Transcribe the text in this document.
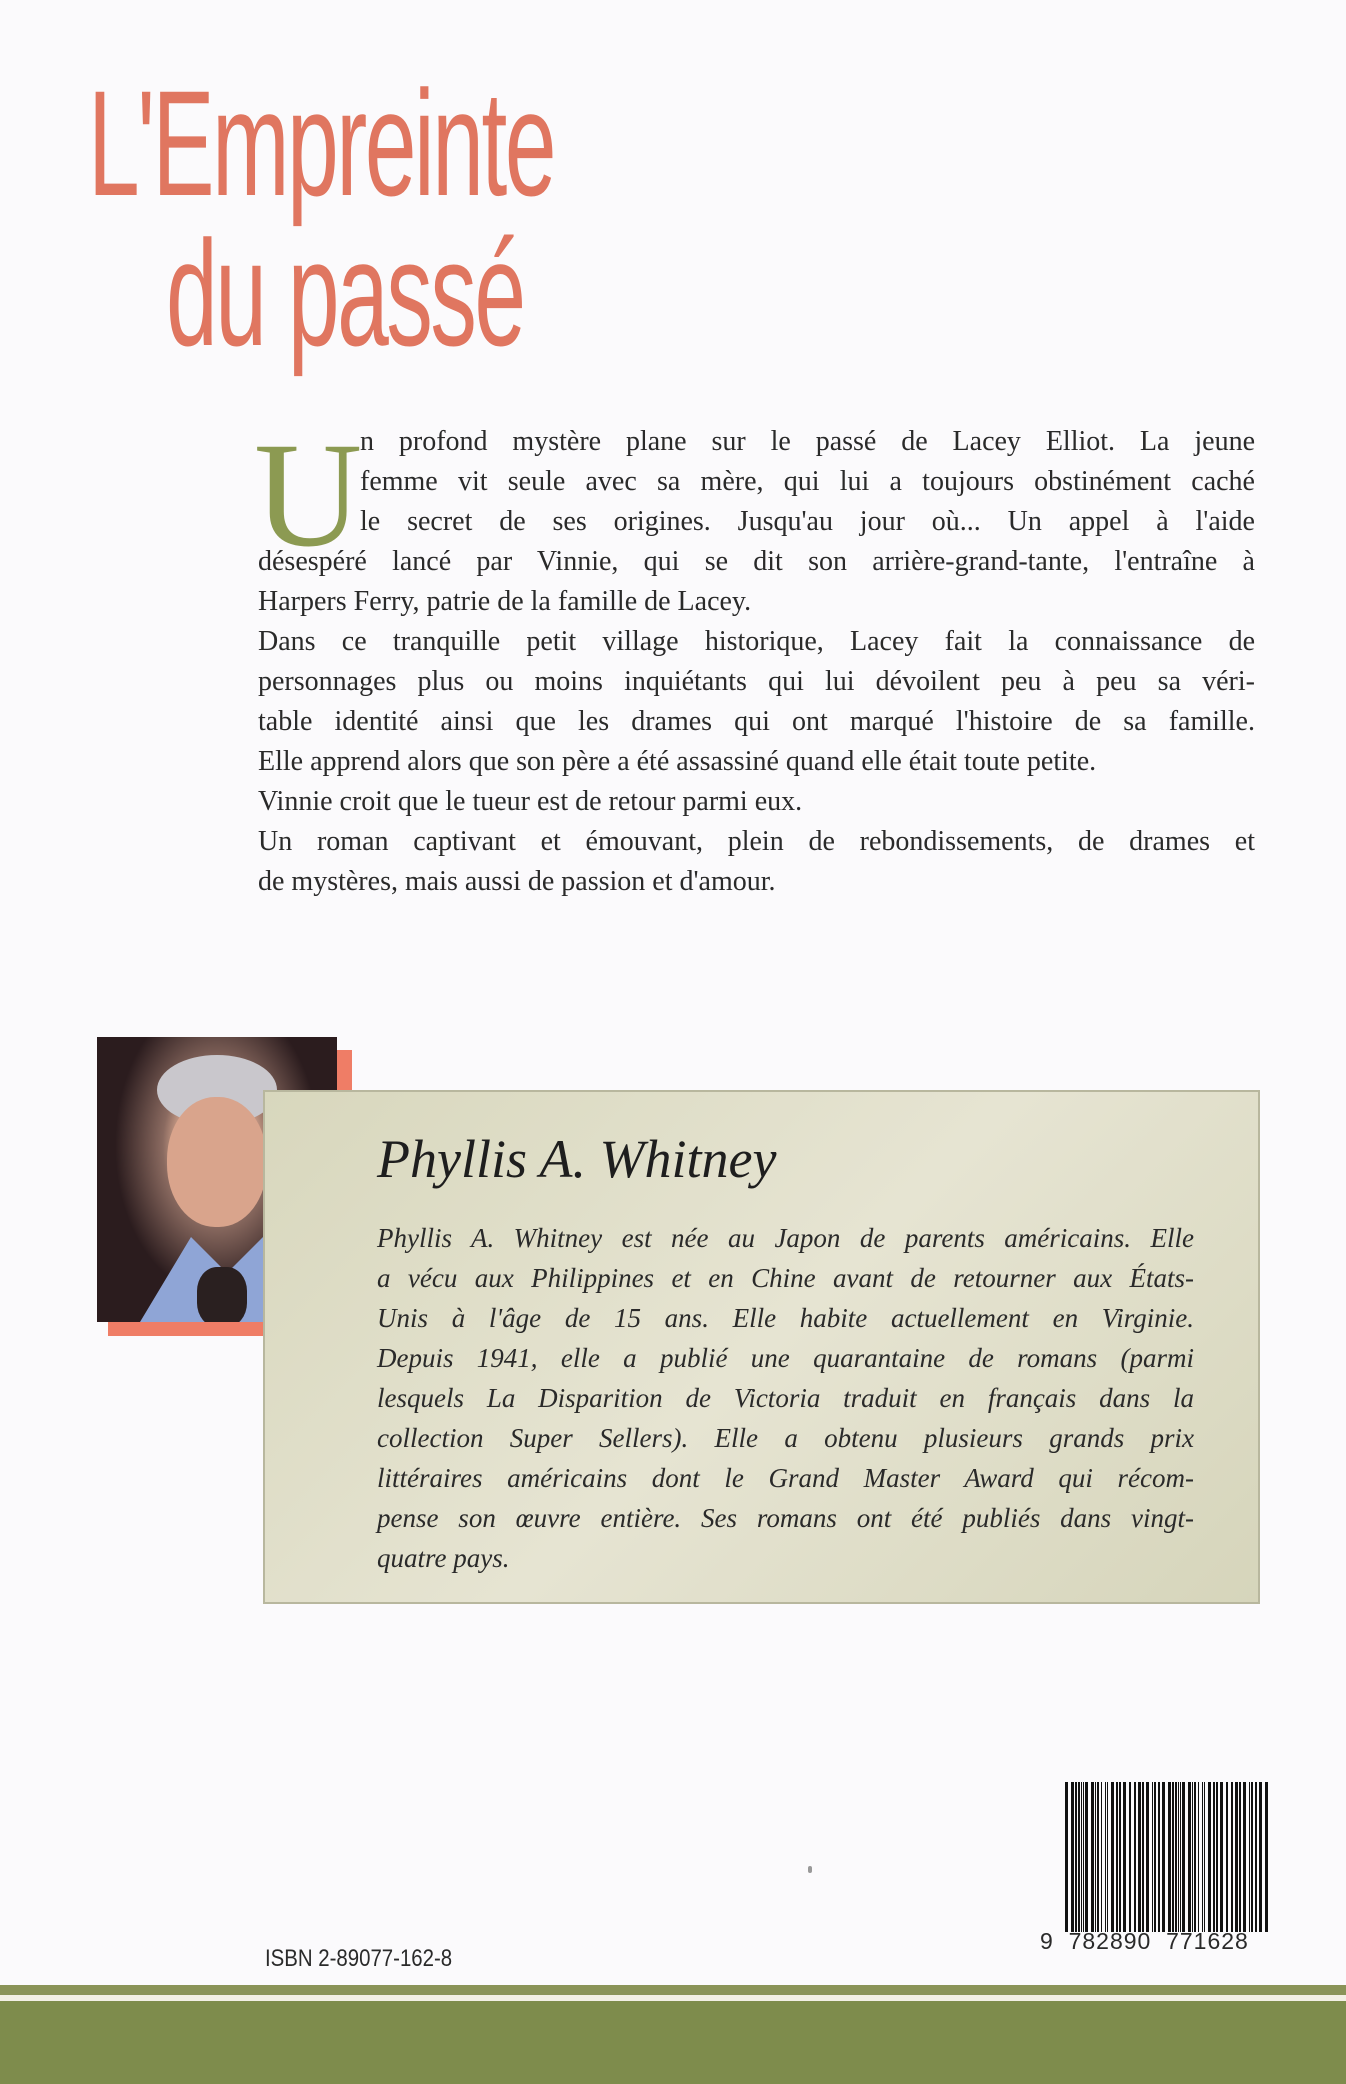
L'Empreinte
du passé
U
n profond mystère plane sur le passé de Lacey Elliot. La jeune
femme vit seule avec sa mère, qui lui a toujours obstinément caché
le secret de ses origines. Jusqu'au jour où... Un appel à l'aide
désespéré lancé par Vinnie, qui se dit son arrière-grand-tante, l'entraîne à
Harpers Ferry, patrie de la famille de Lacey.
Dans ce tranquille petit village historique, Lacey fait la connaissance de
personnages plus ou moins inquiétants qui lui dévoilent peu à peu sa véri-
table identité ainsi que les drames qui ont marqué l'histoire de sa famille.
Elle apprend alors que son père a été assassiné quand elle était toute petite.
Vinnie croit que le tueur est de retour parmi eux.
Un roman captivant et émouvant, plein de rebondissements, de drames et
de mystères, mais aussi de passion et d'amour.
Phyllis A. Whitney
Phyllis A. Whitney est née au Japon de parents américains. Elle
a vécu aux Philippines et en Chine avant de retourner aux États-
Unis à l'âge de 15 ans. Elle habite actuellement en Virginie.
Depuis 1941, elle a publié une quarantaine de romans (parmi
lesquels La Disparition de Victoria traduit en français dans la
collection Super Sellers). Elle a obtenu plusieurs grands prix
littéraires américains dont le Grand Master Award qui récom-
pense son œuvre entière. Ses romans ont été publiés dans vingt-
quatre pays.
9  782890  771628
ISBN 2-89077-162-8
